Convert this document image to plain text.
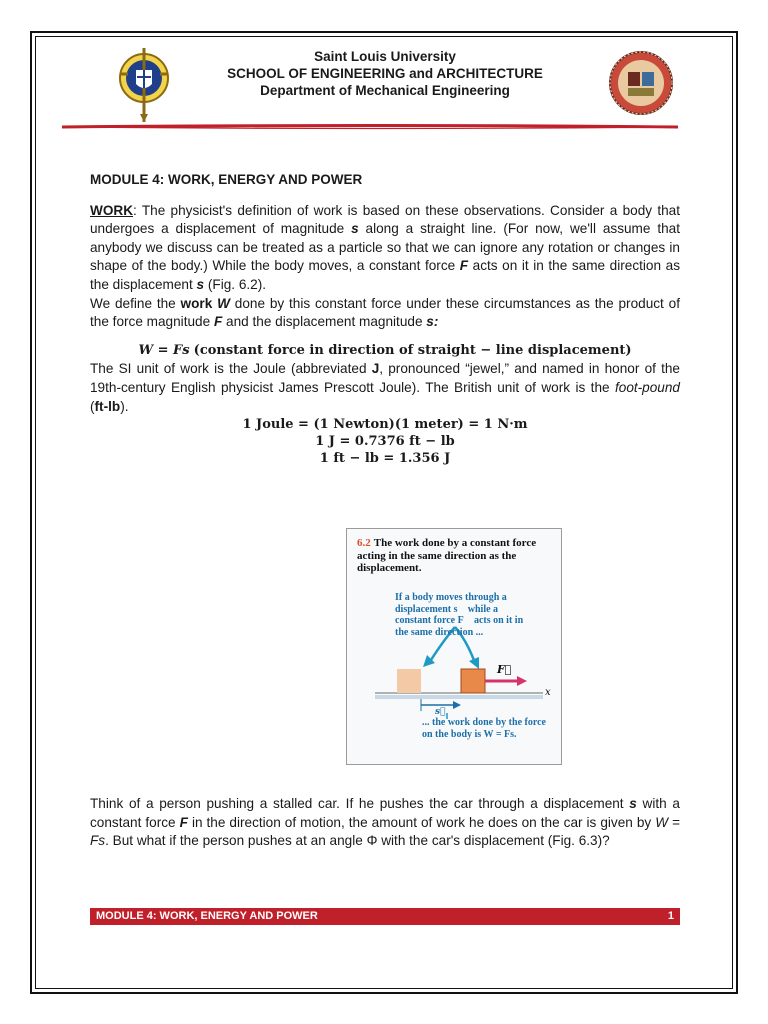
Saint Louis University
SCHOOL OF ENGINEERING and ARCHITECTURE
Department of Mechanical Engineering
MODULE 4: WORK, ENERGY AND POWER

WORK: The physicist's definition of work is based on these observations. Consider a body that undergoes a displacement of magnitude s along a straight line. (For now, we'll assume that anybody we discuss can be treated as a particle so that we can ignore any rotation or changes in shape of the body.) While the body moves, a constant force F acts on it in the same direction as the displacement s (Fig. 6.2).

We define the work W done by this constant force under these circumstances as the product of the force magnitude F and the displacement magnitude s:

W = Fs (constant force in direction of straight − line displacement)

The SI unit of work is the Joule (abbreviated J, pronounced “jewel,” and named in honor of the 19th-century English physicist James Prescott Joule). The British unit of work is the foot-pound (ft-lb).

1 Joule = (1 Newton)(1 meter) = 1 N·m
1 J = 0.7376 ft − lb
1 ft − lb = 1.356 J
6.2 The work done by a constant force acting in the same direction as the displacement.
If a body moves through a displacement s⃗ while a constant force F⃗ acts on it in the same direction ...
F⃗
s⃗
x
... the work done by the force on the body is W = Fs.

Think of a person pushing a stalled car. If he pushes the car through a displacement s with a constant force F in the direction of motion, the amount of work he does on the car is given by W = Fs. But what if the person pushes at an angle Φ with the car's displacement (Fig. 6.3)?

MODULE 4: WORK, ENERGY AND POWER	1
